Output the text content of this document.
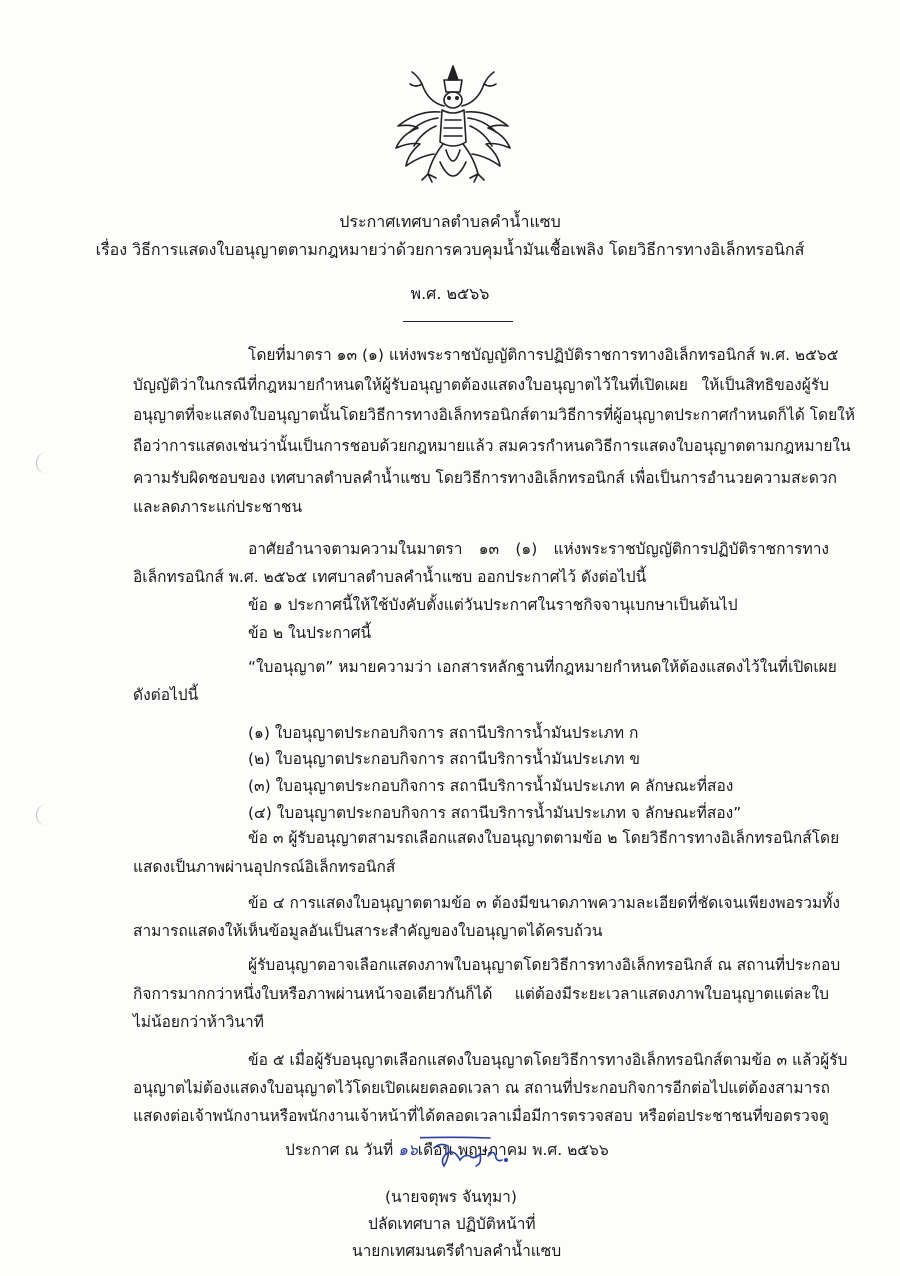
ประกาศเทศบาลตำบลคำน้ำแซบ
เรื่อง วิธีการแสดงใบอนุญาตตามกฎหมายว่าด้วยการควบคุมน้ำมันเชื้อเพลิง โดยวิธีการทางอิเล็กทรอนิกส์
พ.ศ. ๒๕๖๖
โดยที่มาตรา ๑๓ (๑) แห่งพระราชบัญญัติการปฏิบัติราชการทางอิเล็กทรอนิกส์ พ.ศ. ๒๕๖๕
บัญญัติว่าในกรณีที่กฎหมายกำหนดให้ผู้รับอนุญาตต้องแสดงใบอนุญาตไว้ในที่เปิดเผย ให้เป็นสิทธิของผู้รับ
อนุญาตที่จะแสดงใบอนุญาตนั้นโดยวิธีการทางอิเล็กทรอนิกส์ตามวิธีการที่ผู้อนุญาตประกาศกำหนดก็ได้ โดยให้
ถือว่าการแสดงเช่นว่านั้นเป็นการชอบด้วยกฎหมายแล้ว สมควรกำหนดวิธีการแสดงใบอนุญาตตามกฎหมายใน
ความรับผิดชอบของ เทศบาลตำบลคำน้ำแซบ โดยวิธีการทางอิเล็กทรอนิกส์ เพื่อเป็นการอำนวยความสะดวก
และลดภาระแก่ประชาชน
อาศัยอำนาจตามความในมาตรา ๑๓ (๑) แห่งพระราชบัญญัติการปฏิบัติราชการทาง
อิเล็กทรอนิกส์ พ.ศ. ๒๕๖๕ เทศบาลตำบลคำน้ำแซบ ออกประกาศไว้ ดังต่อไปนี้
ข้อ ๑ ประกาศนี้ให้ใช้บังคับตั้งแต่วันประกาศในราชกิจจานุเบกษาเป็นต้นไป
ข้อ ๒ ในประกาศนี้
“ใบอนุญาต” หมายความว่า เอกสารหลักฐานที่กฎหมายกำหนดให้ต้องแสดงไว้ในที่เปิดเผย
ดังต่อไปนี้
(๑) ใบอนุญาตประกอบกิจการ สถานีบริการน้ำมันประเภท ก
(๒) ใบอนุญาตประกอบกิจการ สถานีบริการน้ำมันประเภท ข
(๓) ใบอนุญาตประกอบกิจการ สถานีบริการน้ำมันประเภท ค ลักษณะที่สอง
(๔) ใบอนุญาตประกอบกิจการ สถานีบริการน้ำมันประเภท จ ลักษณะที่สอง”
ข้อ ๓ ผู้รับอนุญาตสามรถเลือกแสดงใบอนุญาตตามข้อ ๒ โดยวิธีการทางอิเล็กทรอนิกส์โดย
แสดงเป็นภาพผ่านอุปกรณ์อิเล็กทรอนิกส์
ข้อ ๔ การแสดงใบอนุญาตตามข้อ ๓ ต้องมีขนาดภาพความละเอียดที่ชัดเจนเพียงพอรวมทั้ง
สามารถแสดงให้เห็นข้อมูลอันเป็นสาระสำคัญของใบอนุญาตได้ครบถ้วน
ผู้รับอนุญาตอาจเลือกแสดงภาพใบอนุญาตโดยวิธีการทางอิเล็กทรอนิกส์ ณ สถานที่ประกอบ
กิจการมากกว่าหนึ่งใบหรือภาพผ่านหน้าจอเดียวกันก็ได้ แต่ต้องมีระยะเวลาแสดงภาพใบอนุญาตแต่ละใบ
ไม่น้อยกว่าห้าวินาที
ข้อ ๕ เมื่อผู้รับอนุญาตเลือกแสดงใบอนุญาตโดยวิธีการทางอิเล็กทรอนิกส์ตามข้อ ๓ แล้วผู้รับ
อนุญาตไม่ต้องแสดงใบอนุญาตไว้โดยเปิดเผยตลอดเวลา ณ สถานที่ประกอบกิจการอีกต่อไปแต่ต้องสามารถ
แสดงต่อเจ้าพนักงานหรือพนักงานเจ้าหน้าที่ได้ตลอดเวลาเมื่อมีการตรวจสอบ หรือต่อประชาชนที่ขอตรวจดู
ประกาศ ณ วันที่ ๑๖เดือน พฤษภาคม พ.ศ. ๒๕๖๖
(นายจตุพร จันทุมา)
ปลัดเทศบาล ปฏิบัติหน้าที่
นายกเทศมนตรีตำบลคำน้ำแซบ
